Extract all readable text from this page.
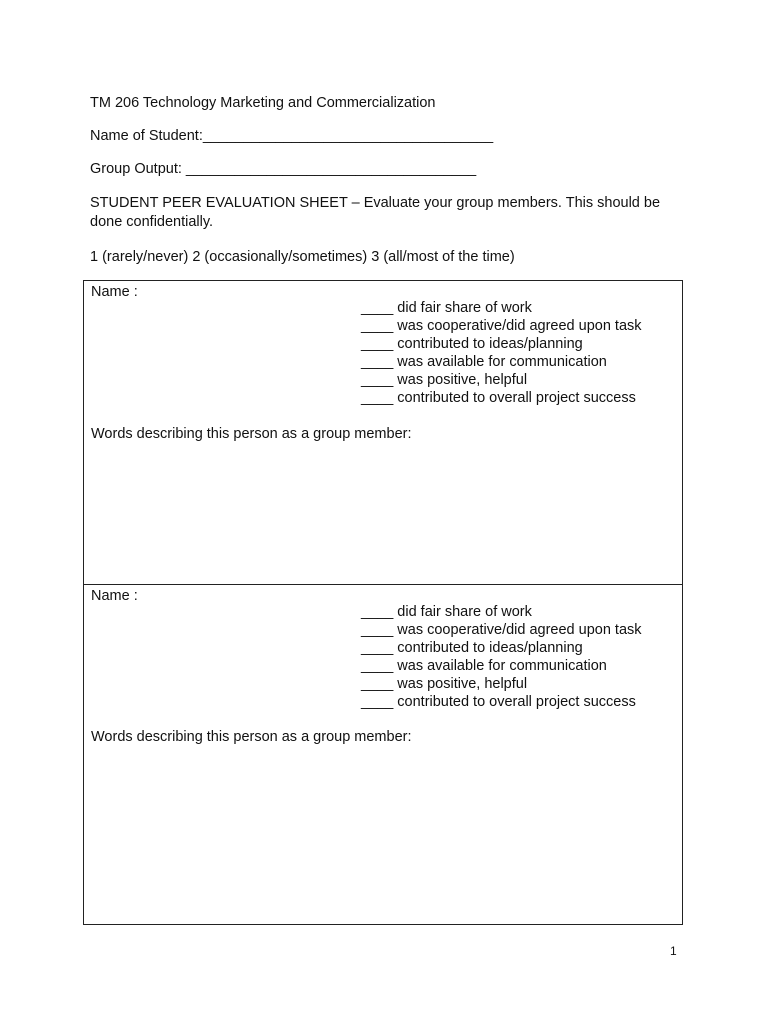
TM 206 Technology Marketing and Commercialization
Name of Student:____________________________________
Group Output: ____________________________________
STUDENT PEER EVALUATION SHEET – Evaluate your group members. This should be done confidentially.
1 (rarely/never) 2 (occasionally/sometimes) 3 (all/most of the time)
Name :
____ did fair share of work
____ was cooperative/did agreed upon task
____ contributed to ideas/planning
____ was available for communication
____ was positive, helpful
____ contributed to overall project success
Words describing this person as a group member:
Name :
____ did fair share of work
____ was cooperative/did agreed upon task
____ contributed to ideas/planning
____ was available for communication
____ was positive, helpful
____ contributed to overall project success
Words describing this person as a group member:
1
